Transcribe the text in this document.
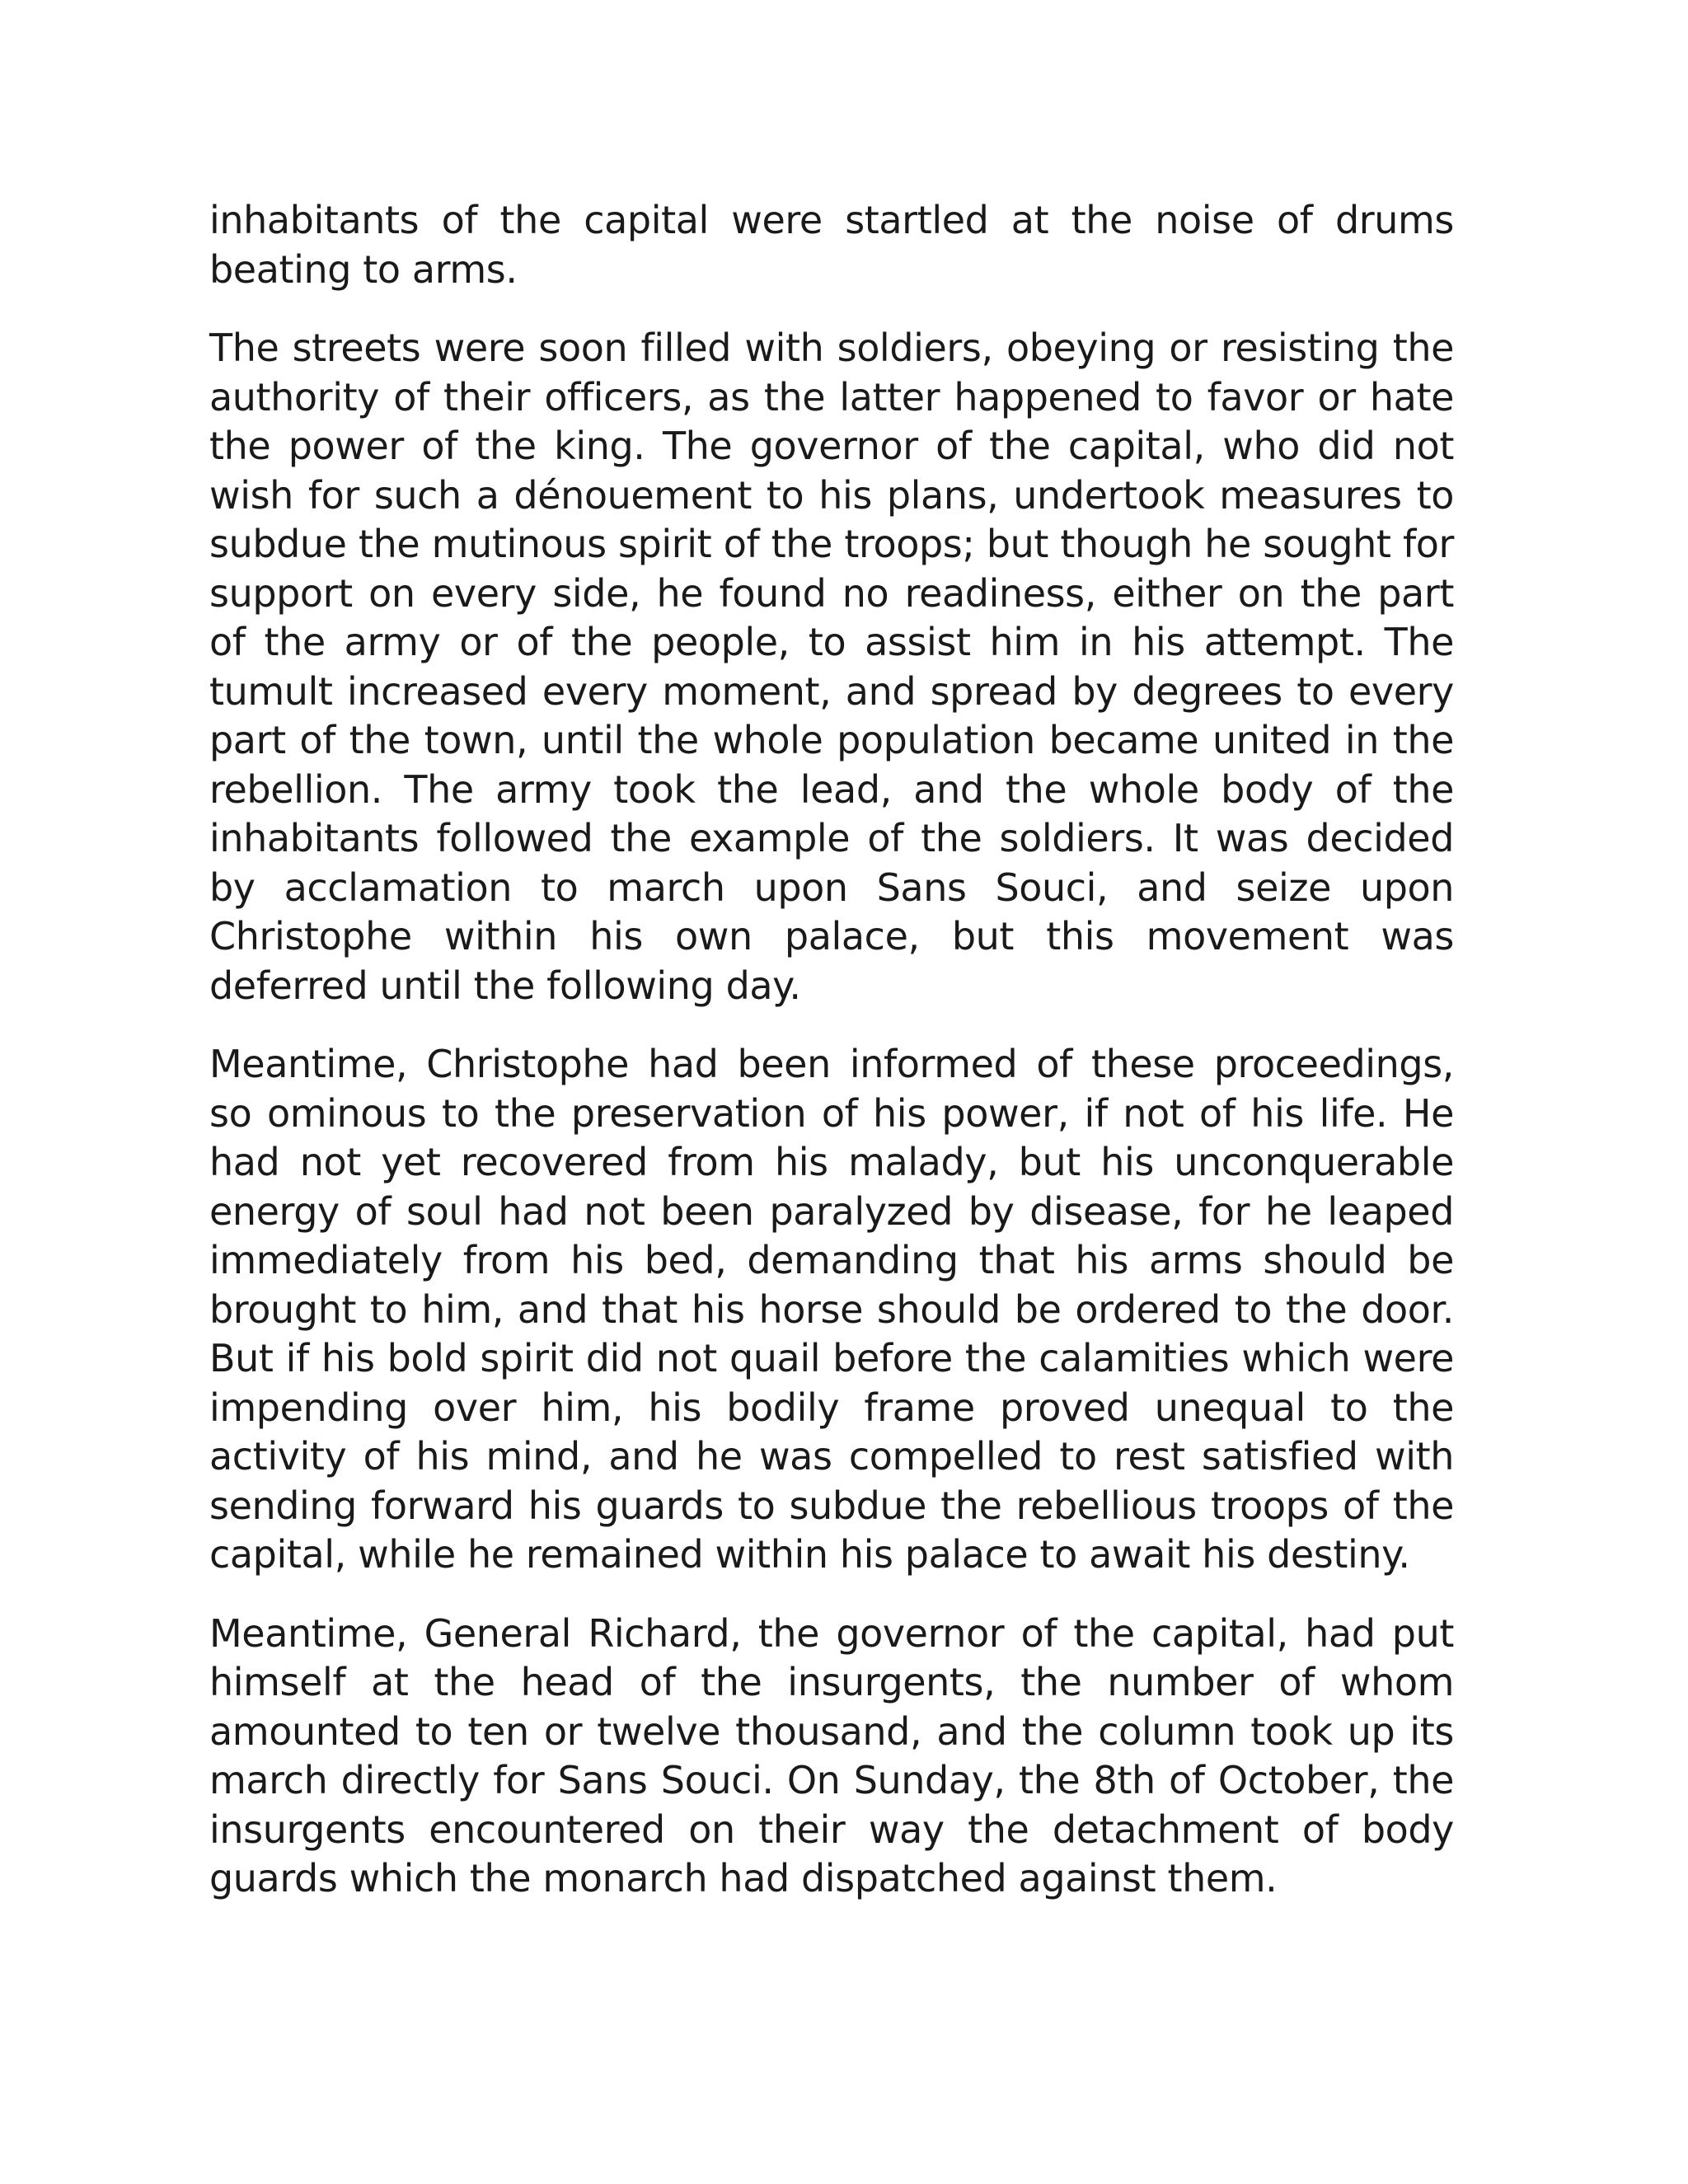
inhabitants of the capital were startled at the noise of drums beating to arms.

The streets were soon filled with soldiers, obeying or resisting the authority of their officers, as the latter happened to favor or hate the power of the king. The governor of the capital, who did not wish for such a dénouement to his plans, undertook measures to subdue the mutinous spirit of the troops; but though he sought for support on every side, he found no readiness, either on the part of the army or of the people, to assist him in his attempt. The tumult increased every moment, and spread by degrees to every part of the town, until the whole population became united in the rebellion. The army took the lead, and the whole body of the inhabitants followed the example of the soldiers. It was decided by acclamation to march upon Sans Souci, and seize upon Christophe within his own palace, but this movement was deferred until the following day.

Meantime, Christophe had been informed of these proceedings, so ominous to the preservation of his power, if not of his life. He had not yet recovered from his malady, but his unconquerable energy of soul had not been paralyzed by disease, for he leaped immediately from his bed, demanding that his arms should be brought to him, and that his horse should be ordered to the door. But if his bold spirit did not quail before the calamities which were impending over him, his bodily frame proved unequal to the activity of his mind, and he was compelled to rest satisfied with sending forward his guards to subdue the rebellious troops of the capital, while he remained within his palace to await his destiny.

Meantime, General Richard, the governor of the capital, had put himself at the head of the insurgents, the number of whom amounted to ten or twelve thousand, and the column took up its march directly for Sans Souci. On Sunday, the 8th of October, the insurgents encountered on their way the detachment of body guards which the monarch had dispatched against them.
